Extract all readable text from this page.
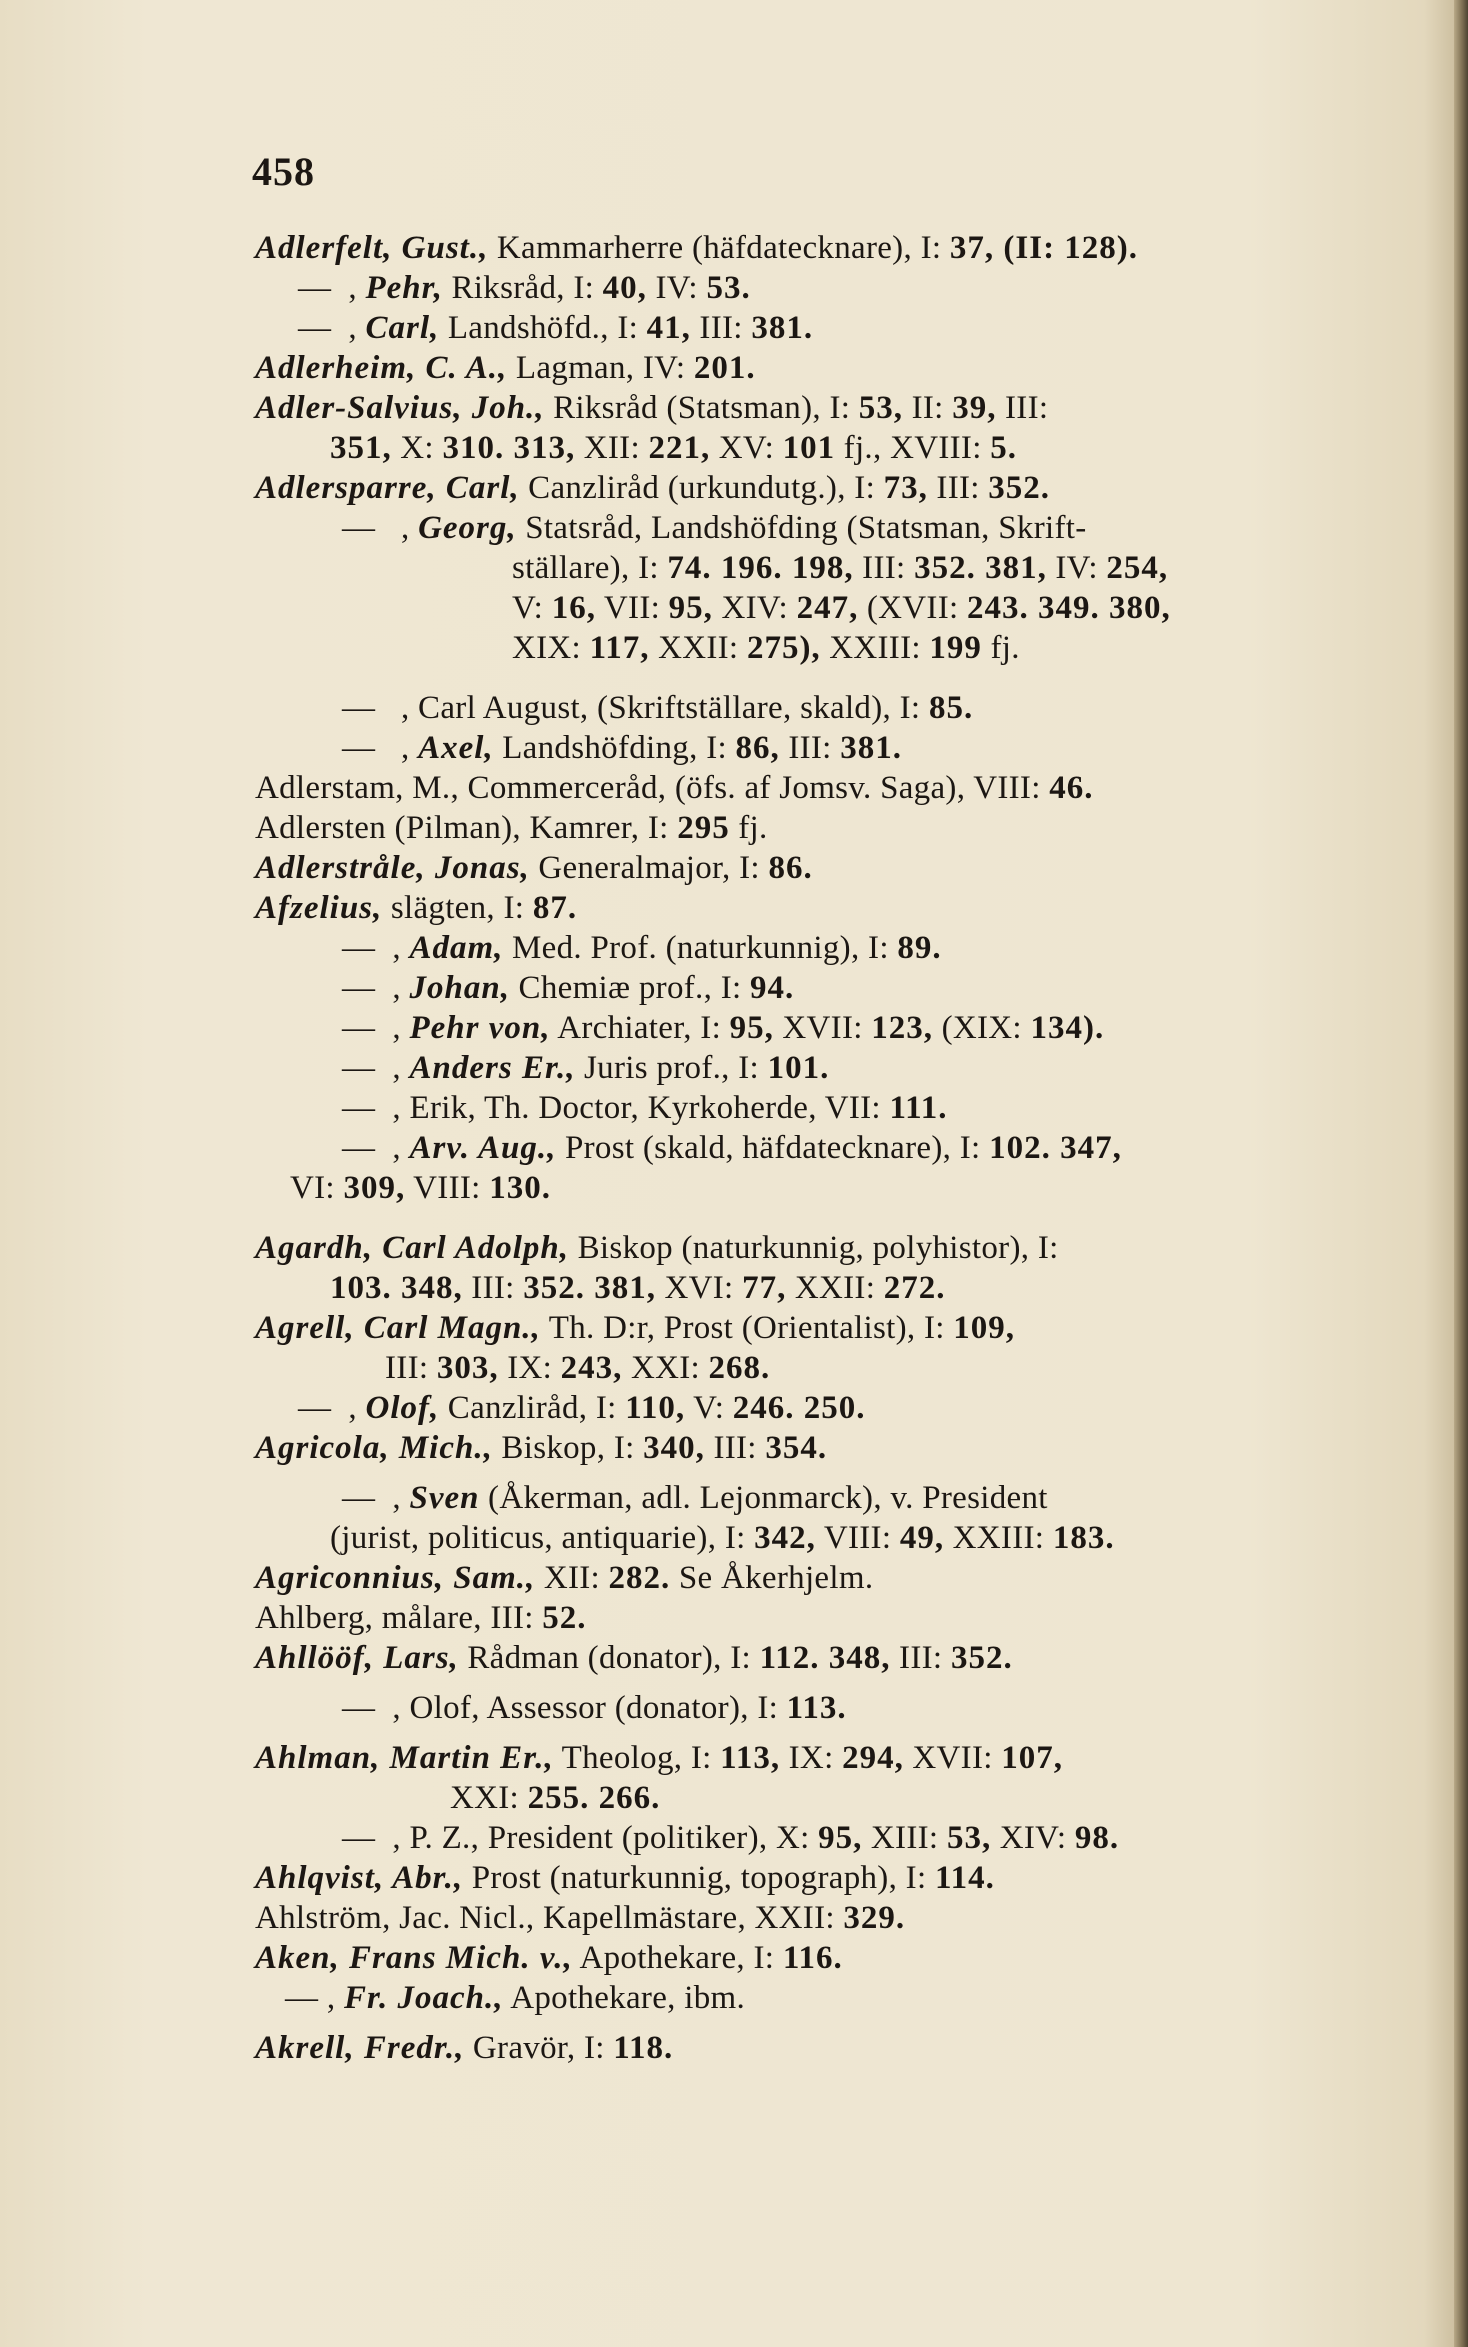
458
Adlerfelt, Gust., Kammarherre (häfdatecknare), I: 37, (II: 128).
—  , Pehr, Riksråd, I: 40, IV: 53.
—  , Carl, Landshöfd., I: 41, III: 381.
Adlerheim, C. A., Lagman, IV: 201.
Adler-Salvius, Joh., Riksråd (Statsman), I: 53, II: 39, III:
351, X: 310. 313, XII: 221, XV: 101 fj., XVIII: 5.
Adlersparre, Carl, Canzliråd (urkundutg.), I: 73, III: 352.
—   , Georg, Statsråd, Landshöfding (Statsman, Skrift-
ställare), I: 74. 196. 198, III: 352. 381, IV: 254,
V: 16, VII: 95, XIV: 247, (XVII: 243. 349. 380,
XIX: 117, XXII: 275), XXIII: 199 fj.
—   , Carl August, (Skriftställare, skald), I: 85.
—   , Axel, Landshöfding, I: 86, III: 381.
Adlerstam, M., Commerceråd, (öfs. af Jomsv. Saga), VIII: 46.
Adlersten (Pilman), Kamrer, I: 295 fj.
Adlerstråle, Jonas, Generalmajor, I: 86.
Afzelius, slägten, I: 87.
—  , Adam, Med. Prof. (naturkunnig), I: 89.
—  , Johan, Chemiæ prof., I: 94.
—  , Pehr von, Archiater, I: 95, XVII: 123, (XIX: 134).
—  , Anders Er., Juris prof., I: 101.
—  , Erik, Th. Doctor, Kyrkoherde, VII: 111.
—  , Arv. Aug., Prost (skald, häfdatecknare), I: 102. 347,
VI: 309, VIII: 130.
Agardh, Carl Adolph, Biskop (naturkunnig, polyhistor), I:
103. 348, III: 352. 381, XVI: 77, XXII: 272.
Agrell, Carl Magn., Th. D:r, Prost (Orientalist), I: 109,
III: 303, IX: 243, XXI: 268.
—  , Olof, Canzliråd, I: 110, V: 246. 250.
Agricola, Mich., Biskop, I: 340, III: 354.
—  , Sven (Åkerman, adl. Lejonmarck), v. President
(jurist, politicus, antiquarie), I: 342, VIII: 49, XXIII: 183.
Agriconnius, Sam., XII: 282. Se Åkerhjelm.
Ahlberg, målare, III: 52.
Ahllööf, Lars, Rådman (donator), I: 112. 348, III: 352.
—  , Olof, Assessor (donator), I: 113.
Ahlman, Martin Er., Theolog, I: 113, IX: 294, XVII: 107,
XXI: 255. 266.
—  , P. Z., President (politiker), X: 95, XIII: 53, XIV: 98.
Ahlqvist, Abr., Prost (naturkunnig, topograph), I: 114.
Ahlström, Jac. Nicl., Kapellmästare, XXII: 329.
Aken, Frans Mich. v., Apothekare, I: 116.
— , Fr. Joach., Apothekare, ibm.
Akrell, Fredr., Gravör, I: 118.
